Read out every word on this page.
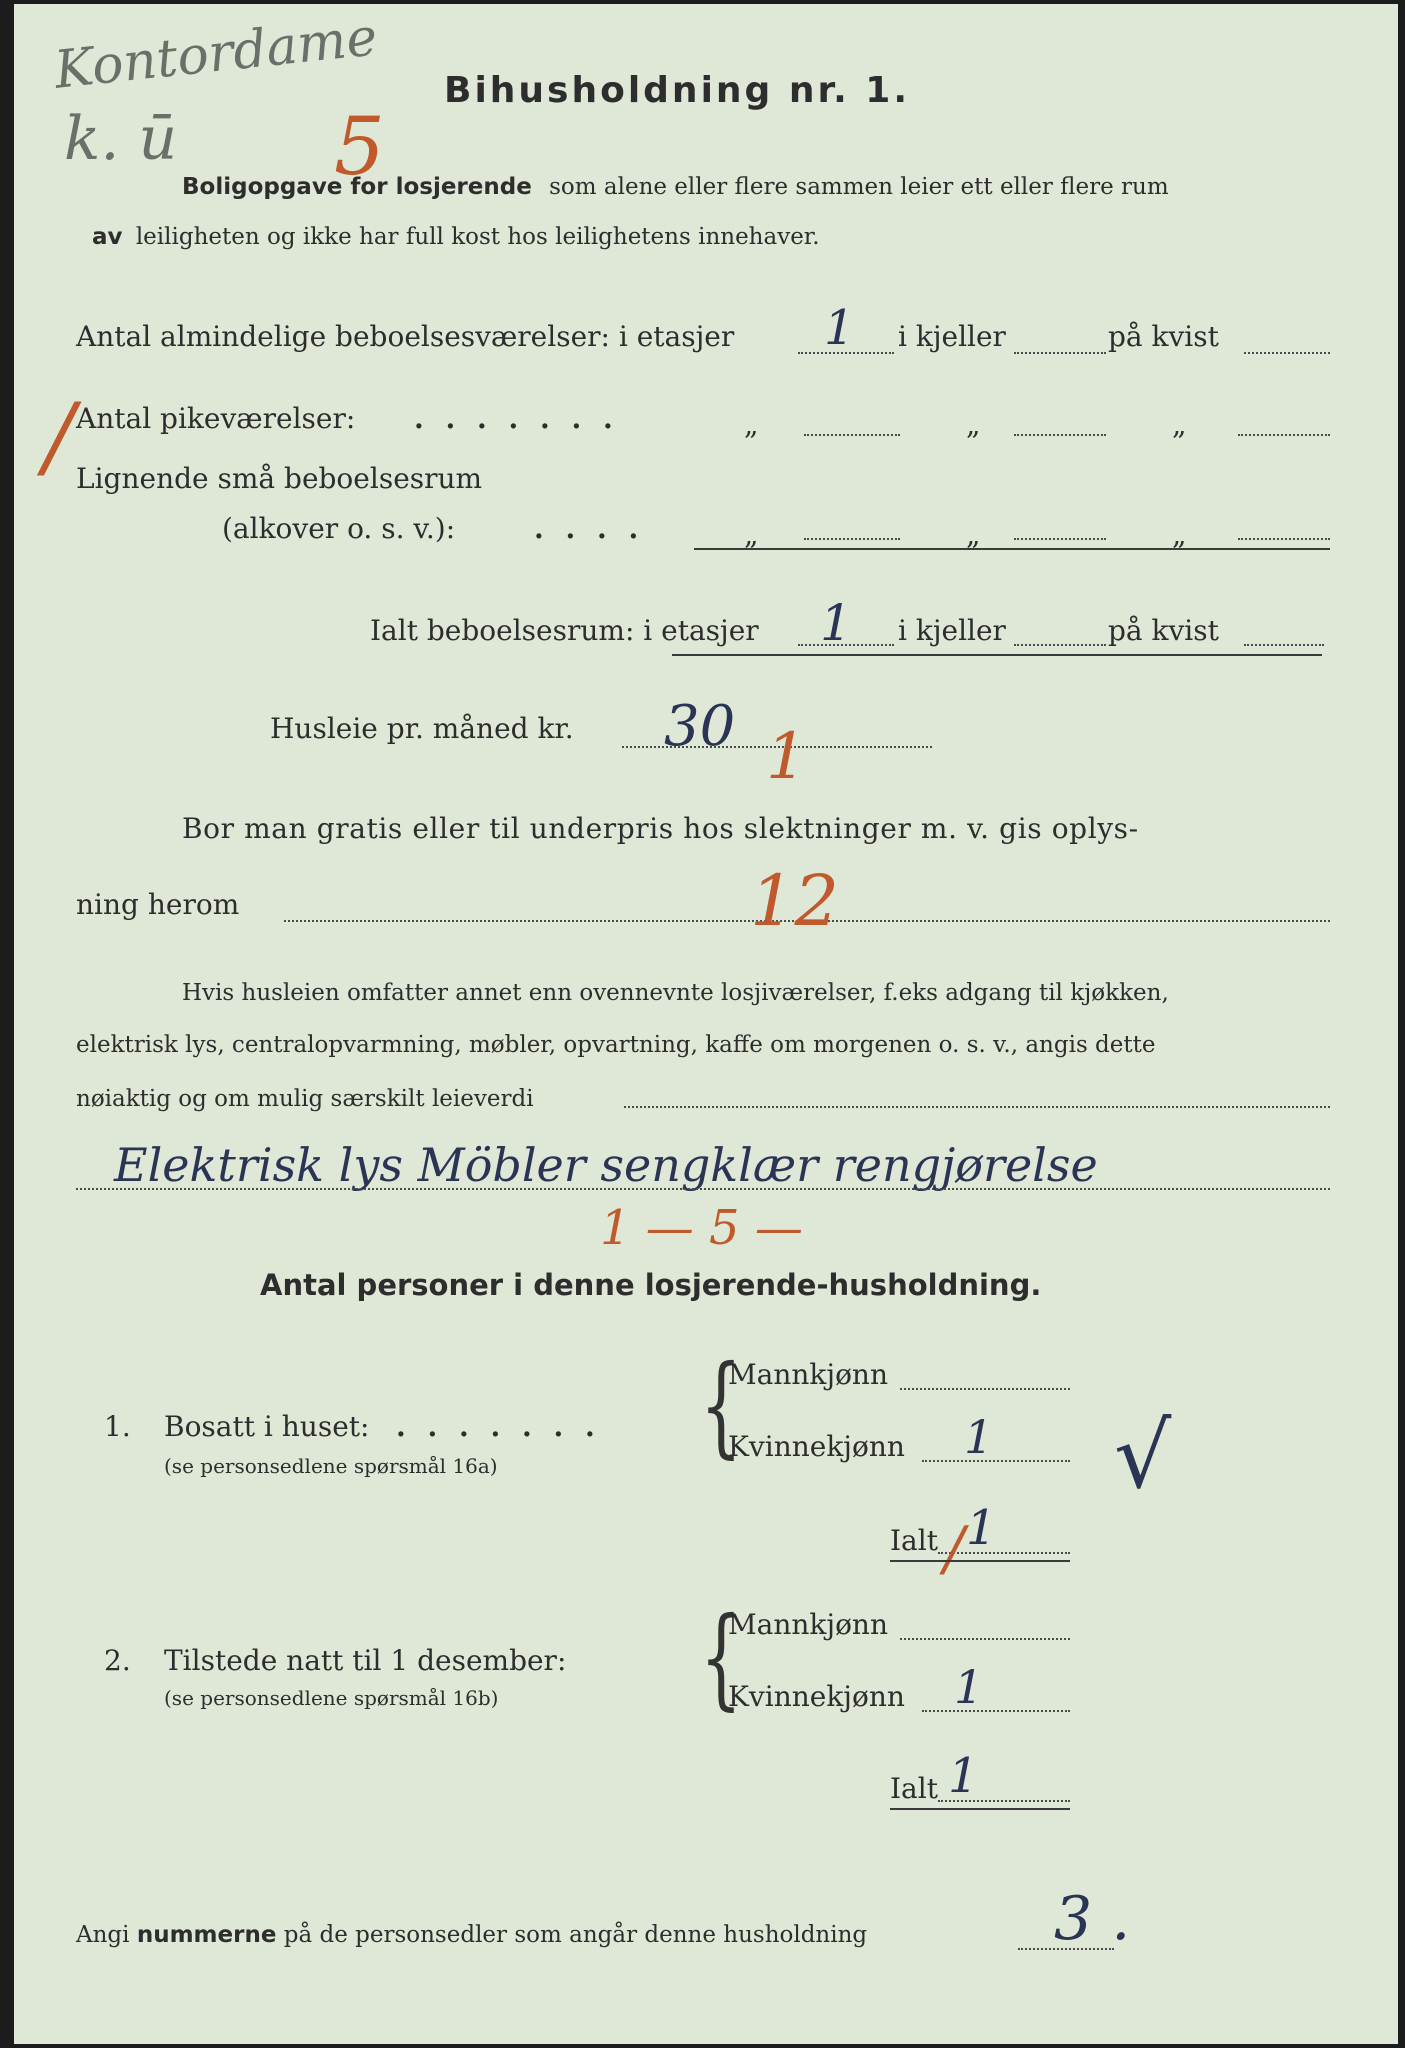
Kontordame
k. ū 5
Bihusholdning nr. 1.
Boligopgave for losjerende som alene eller flere sammen leier ett eller flere rum
av leiligheten og ikke har full kost hos leilighetens innehaver.
Antal almindelige beboelsesværelser: i etasjer 1 i kjeller	på kvist
/ Antal pikeværelser: . . . . . . .	„	„	„
Lignende små beboelsesrum
(alkover o. s. v.):	. . . .	„	„	„
Ialt beboelsesrum: i etasjer 1 i kjeller	på kvist
Husleie pr. måned kr. 30 1
Bor man gratis eller til underpris hos slektninger m. v. gis oplys-
ning herom	12
Hvis husleien omfatter annet enn ovennevnte losjiværelser, f.eks adgang til kjøkken,
elektrisk lys, centralopvarmning, møbler, opvartning, kaffe om morgenen o. s. v., angis dette
nøiaktig og om mulig særskilt leieverdi
Elektrisk lys Möbler sengklær rengjørelse
1 — 5 —
Antal personer i denne losjerende-husholdning.
1. Bosatt i huset: . . . . . . .
(se personsedlene spørsmål 16a) {
Mannkjønn
Kvinnekjønn 1 √
Ialt 1
/
2. Tilstede natt til 1 desember:
(se personsedlene spørsmål 16b) {
Mannkjønn
Kvinnekjønn 1
Ialt 1
Angi nummerne på de personsedler som angår denne husholdning	3 .
